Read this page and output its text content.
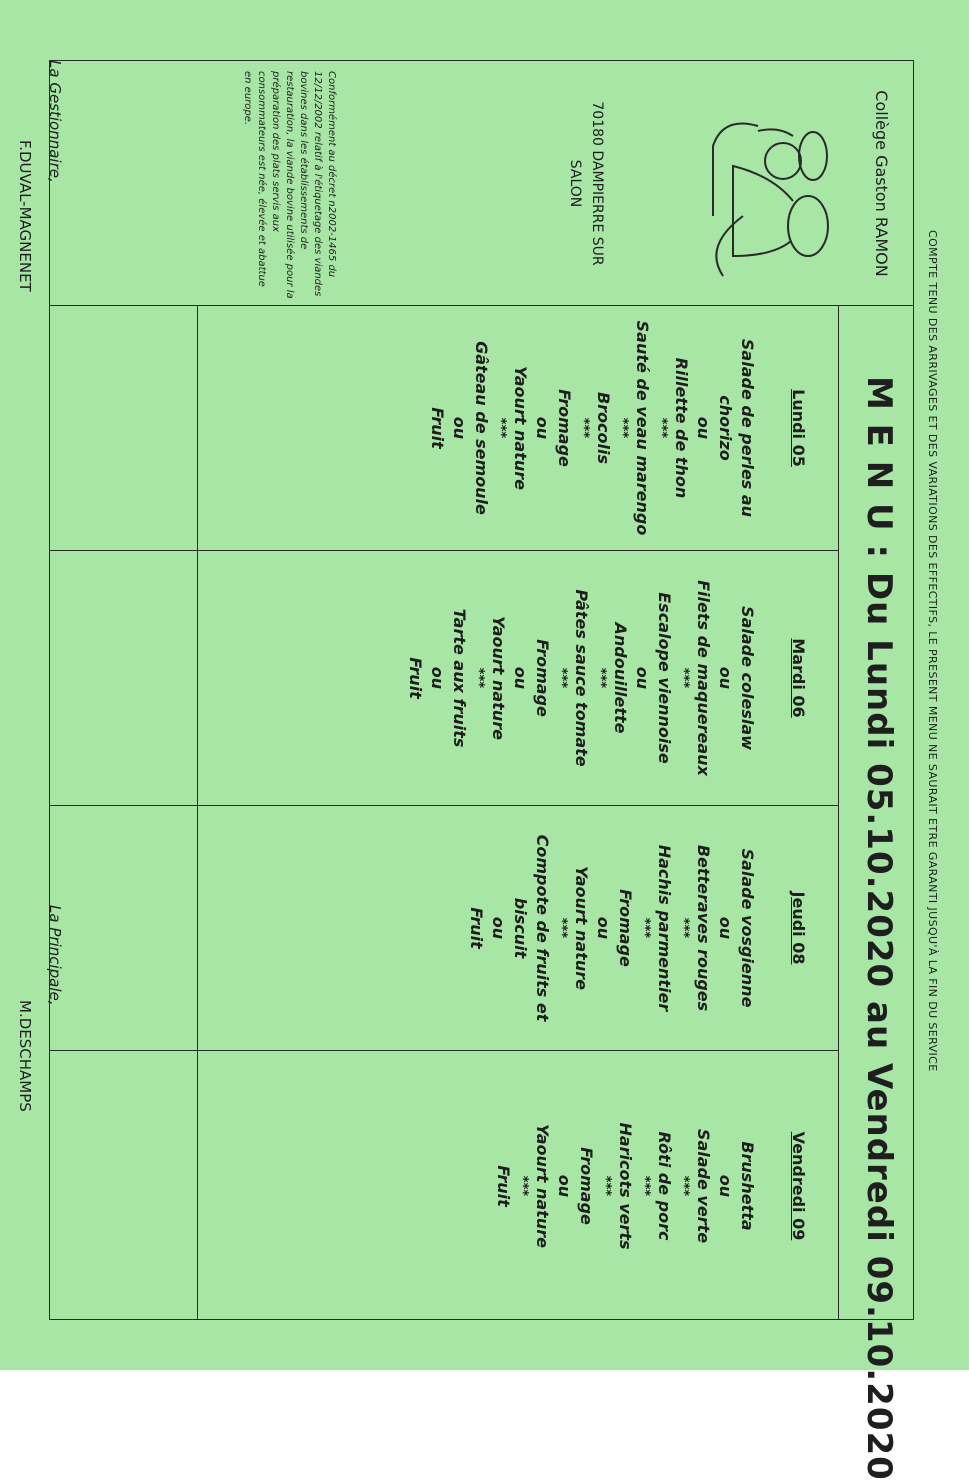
COMPTE TENU DES ARRIVAGES ET DES VARIATIONS DES EFFECTIFS, LE PRESENT MENU NE SAURAIT ETRE GARANTI JUSQU'À LA FIN DU SERVICE
Collège Gaston RAMON
70180 DAMPIERRE SUR
SALON
Conformément au décret n2002-1465 du 12/12/2002 relatif à l'étiquetage des viandes bovines dans les établissements de restauration, la viande bovine utilisée pour la préparation des plats servis aux consommateurs est née, élevée et abattue en europe.
M E N U : Du Lundi 05.10.2020 au Vendredi 09.10.2020
Lundi 05
Salade de perles au
chorizo
ou
Rillette de thon
***
Sauté de veau marengo
***
Brocolis
***
Fromage
ou
Yaourt nature
***
Gâteau de semoule
ou
Fruit
Mardi 06
Salade coleslaw
ou
Filets de maquereaux
***
Escalope viennoise
ou
Andouillette
***
Pâtes sauce tomate
***
Fromage
ou
Yaourt nature
***
Tarte aux fruits
ou
Fruit
Jeudi 08
Salade vosgienne
ou
Betteraves rouges
***
Hachis parmentier
***
Fromage
ou
Yaourt nature
***
Compote de fruits et
biscuit
ou
Fruit
Vendredi 09
Brushetta
ou
Salade verte
***
Rôti de porc
***
Haricots verts
***
Fromage
ou
Yaourt nature
***
Fruit
La Gestionnaire,
F.DUVAL-MAGNENET
La Principale,
M.DESCHAMPS
